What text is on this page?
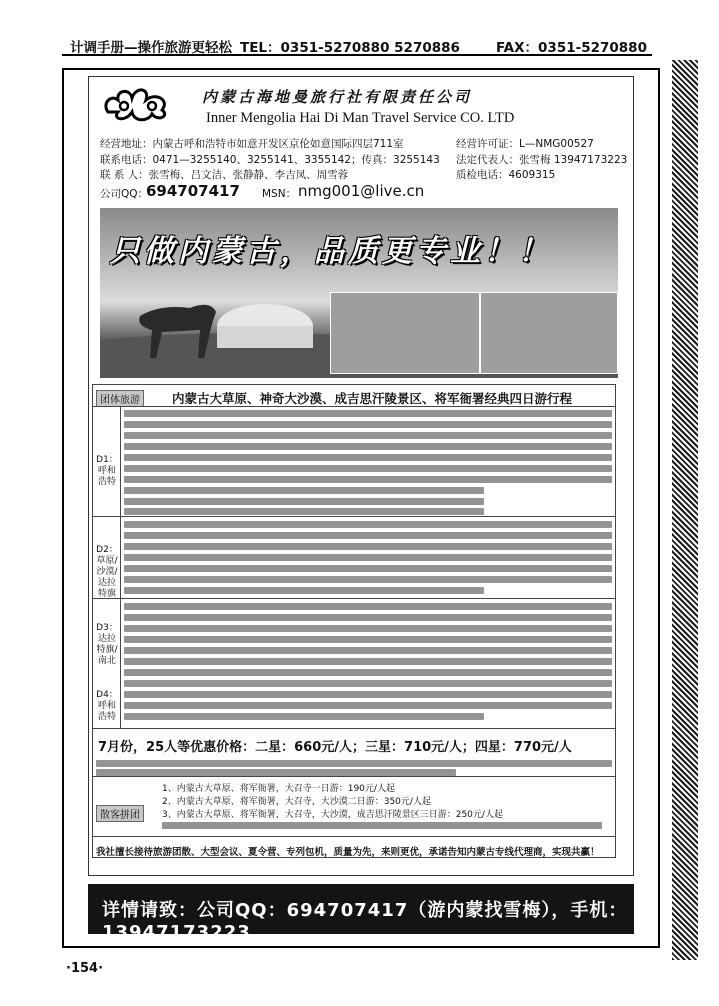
计调手册—操作旅游更轻松 TEL：0351-5270880 5270886	FAX：0351-5270880
内蒙古海地曼旅行社有限责任公司
Inner Mengolia Hai Di Man Travel Service CO. LTD
经营地址：内蒙古呼和浩特市如意开发区京伦如意国际四层711室	经营许可证：L—NMG00527
联系电话：0471—3255140、3255141、3355142；传真：3255143 法定代表人：张雪梅 13947173223
联 系 人：张雪梅、吕文洁、张静静、李吉凤、周雪蓉	质检电话：4609315
公司QQ：
694707417 MSN： nmg001@live.cn
只做内蒙古，品质更专业！！
团体旅游	内蒙古大草原、神奇大沙漠、成吉思汗陵景区、将军衙署经典四日游行程
D1：呼和浩特
D2：草原/沙漠/达拉特旗
D3：达拉特旗/南北
D4：呼和浩特
7月份，25人等优惠价格：二星：660元/人；三星：710元/人；四星：770元/人
散客拼团
1、内蒙古大草原、将军衙署，大召寺一日游：190元/人起
2、内蒙古大草原、将军衙署，大召寺，大沙漠二日游：350元/人起
3、内蒙古大草原、将军衙署，大召寺，大沙漠，成吉思汗陵景区三日游：250元/人起
我社擅长接待旅游团散、大型会议、夏令营、专列包机，质量为先，来则更优，承诺告知内蒙古专线代理商，实现共赢！
详情请致：公司QQ：694707417（游内蒙找雪梅），手机：13947173223
·154·
